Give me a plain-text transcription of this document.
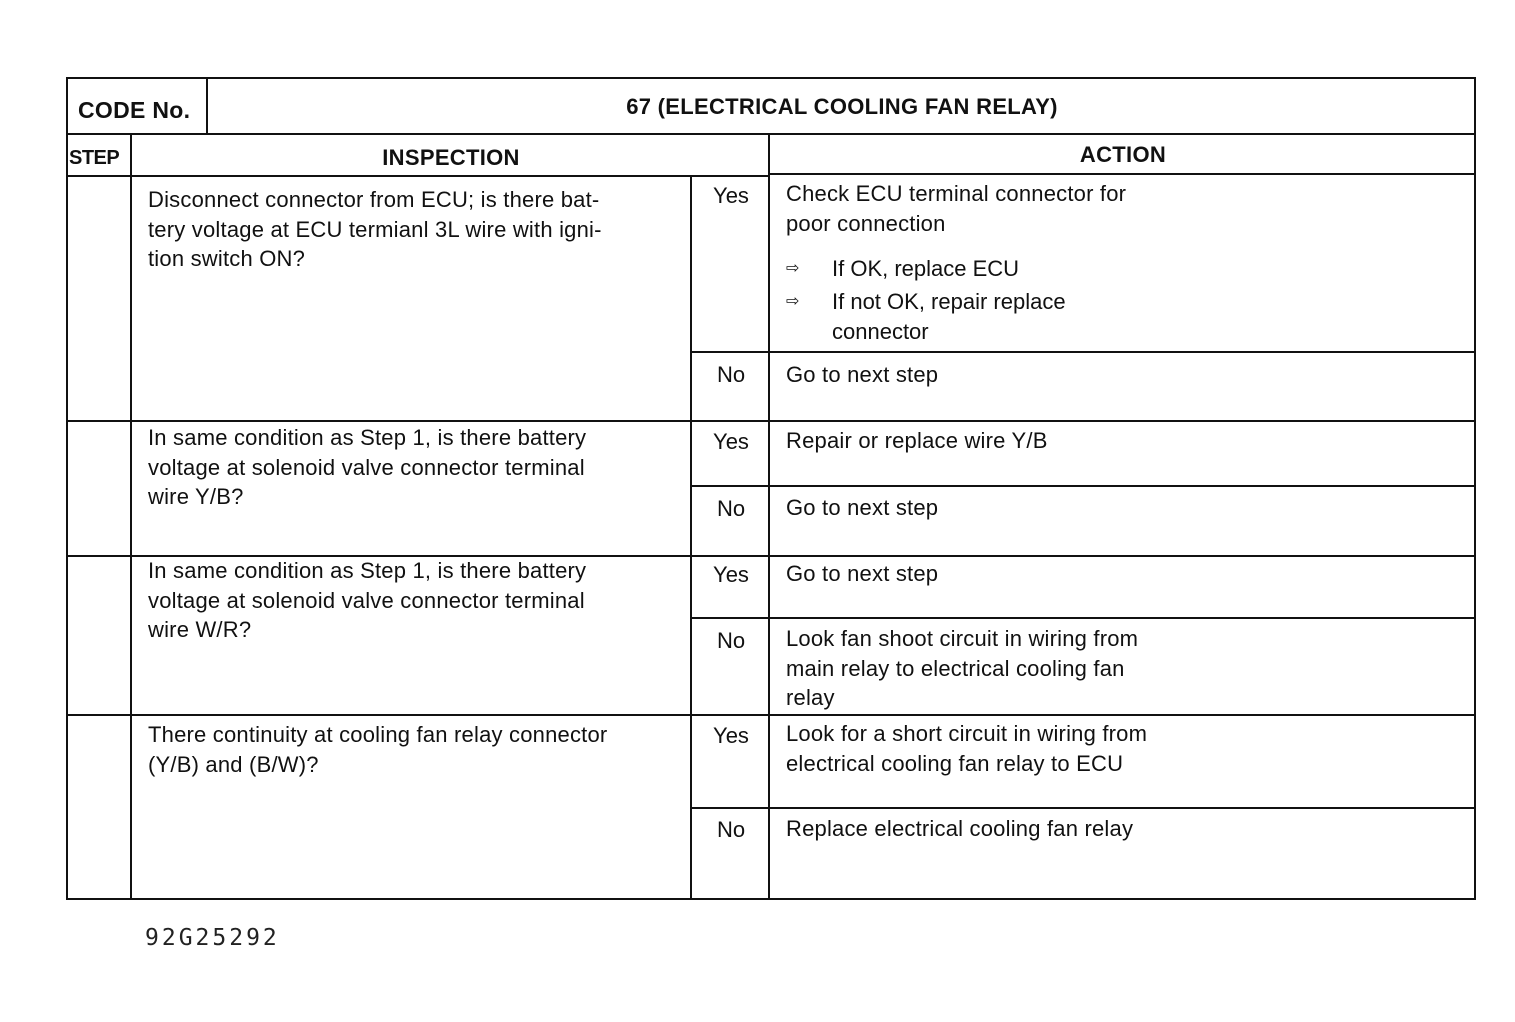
CODE No.	67 (ELECTRICAL COOLING FAN RELAY)
STEP	INSPECTION	ACTION
Disconnect connector from ECU; is there bat-
tery voltage at ECU termianl 3L wire with igni-
tion switch ON?
Yes	Check ECU terminal connector for
poor connection
⇨ If OK, replace ECU
⇨ If not OK, repair replace
connector
No	Go to next step
In same condition as Step 1, is there battery
voltage at solenoid valve connector terminal
wire Y/B?
Yes	Repair or replace wire Y/B
No	Go to next step
In same condition as Step 1, is there battery
voltage at solenoid valve connector terminal
wire W/R?
Yes	Go to next step
No	Look fan shoot circuit in wiring from
main relay to electrical cooling fan
relay
There continuity at cooling fan relay connector
(Y/B) and (B/W)?
Yes	Look for a short circuit in wiring from
electrical cooling fan relay to ECU
No	Replace electrical cooling fan relay
92G25292
